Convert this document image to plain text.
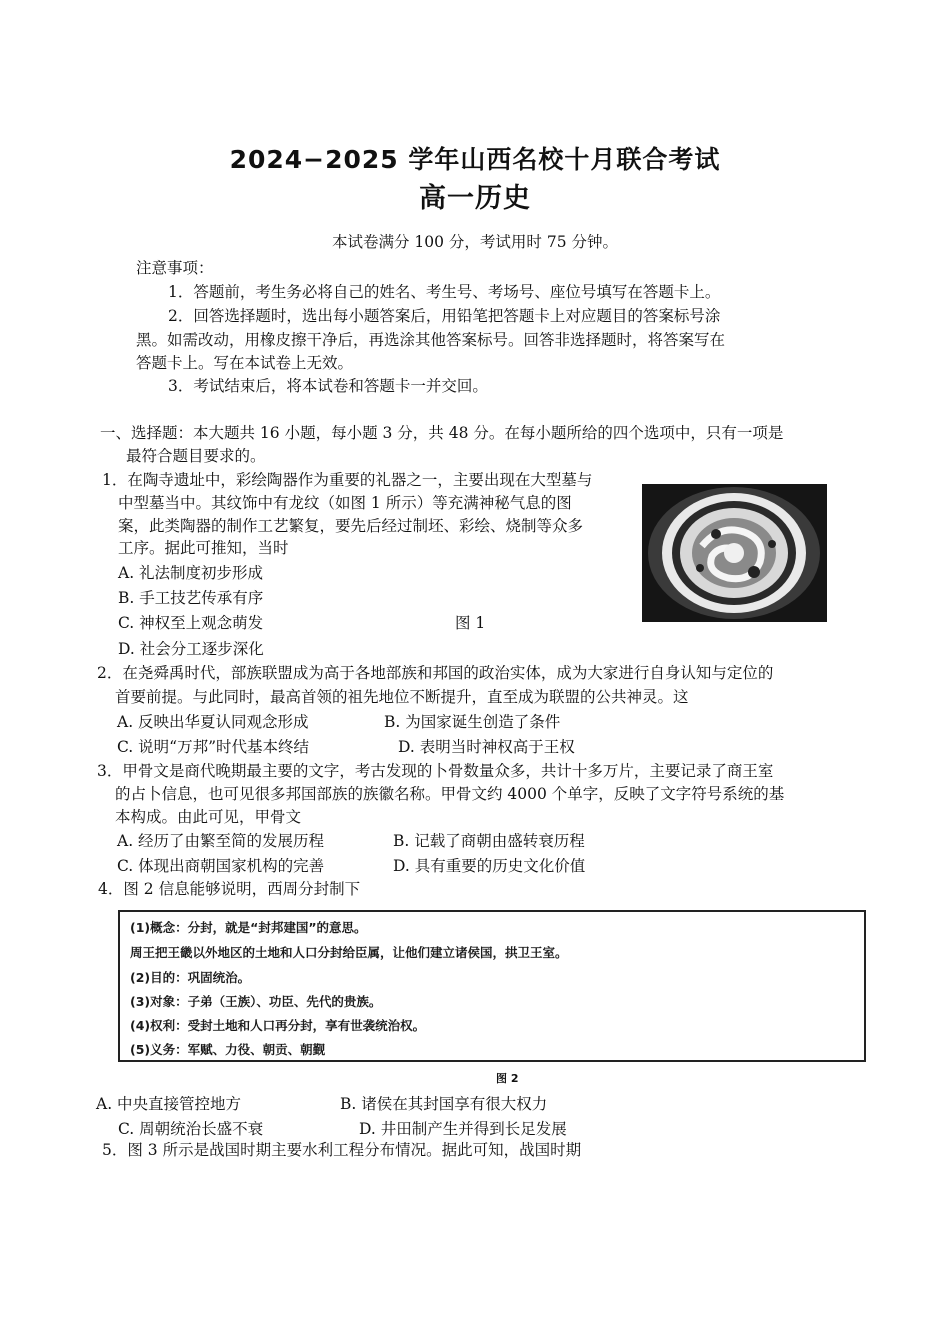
2024−2025 学年山西名校十月联合考试
高一历史
本试卷满分 100 分，考试用时 75 分钟。
注意事项：
1．答题前，考生务必将自己的姓名、考生号、考场号、座位号填写在答题卡上。
2．回答选择题时，选出每小题答案后，用铅笔把答题卡上对应题目的答案标号涂
黑。如需改动，用橡皮擦干净后，再选涂其他答案标号。回答非选择题时，将答案写在
答题卡上。写在本试卷上无效。
3．考试结束后，将本试卷和答题卡一并交回。
一、选择题：本大题共 16 小题，每小题 3 分，共 48 分。在每小题所给的四个选项中，只有一项是
最符合题目要求的。
1．在陶寺遗址中，彩绘陶器作为重要的礼器之一，主要出现在大型墓与
中型墓当中。其纹饰中有龙纹（如图 1 所示）等充满神秘气息的图
案，此类陶器的制作工艺繁复，要先后经过制坯、彩绘、烧制等众多
工序。据此可推知，当时
A. 礼法制度初步形成
B. 手工技艺传承有序
C. 神权至上观念萌发
D. 社会分工逐步深化
图 1
2．在尧舜禹时代，部族联盟成为高于各地部族和邦国的政治实体，成为大家进行自身认知与定位的
首要前提。与此同时，最高首领的祖先地位不断提升，直至成为联盟的公共神灵。这
A. 反映出华夏认同观念形成	B. 为国家诞生创造了条件
C. 说明“万邦”时代基本终结	D. 表明当时神权高于王权
3．甲骨文是商代晚期最主要的文字，考古发现的卜骨数量众多，共计十多万片，主要记录了商王室
的占卜信息，也可见很多邦国部族的族徽名称。甲骨文约 4000 个单字，反映了文字符号系统的基
本构成。由此可见，甲骨文
A. 经历了由繁至简的发展历程	B. 记载了商朝由盛转衰历程
C. 体现出商朝国家机构的完善	D. 具有重要的历史文化价值
4．图 2 信息能够说明，西周分封制下
(1)概念：分封，就是“封邦建国”的意思。
周王把王畿以外地区的土地和人口分封给臣属，让他们建立诸侯国，拱卫王室。
(2)目的：巩固统治。
(3)对象：子弟（王族）、功臣、先代的贵族。
(4)权利：受封土地和人口再分封，享有世袭统治权。
(5)义务：军赋、力役、朝贡、朝觐
图 2
A. 中央直接管控地方	B. 诸侯在其封国享有很大权力
C. 周朝统治长盛不衰	D. 井田制产生并得到长足发展
5．图 3 所示是战国时期主要水利工程分布情况。据此可知，战国时期
